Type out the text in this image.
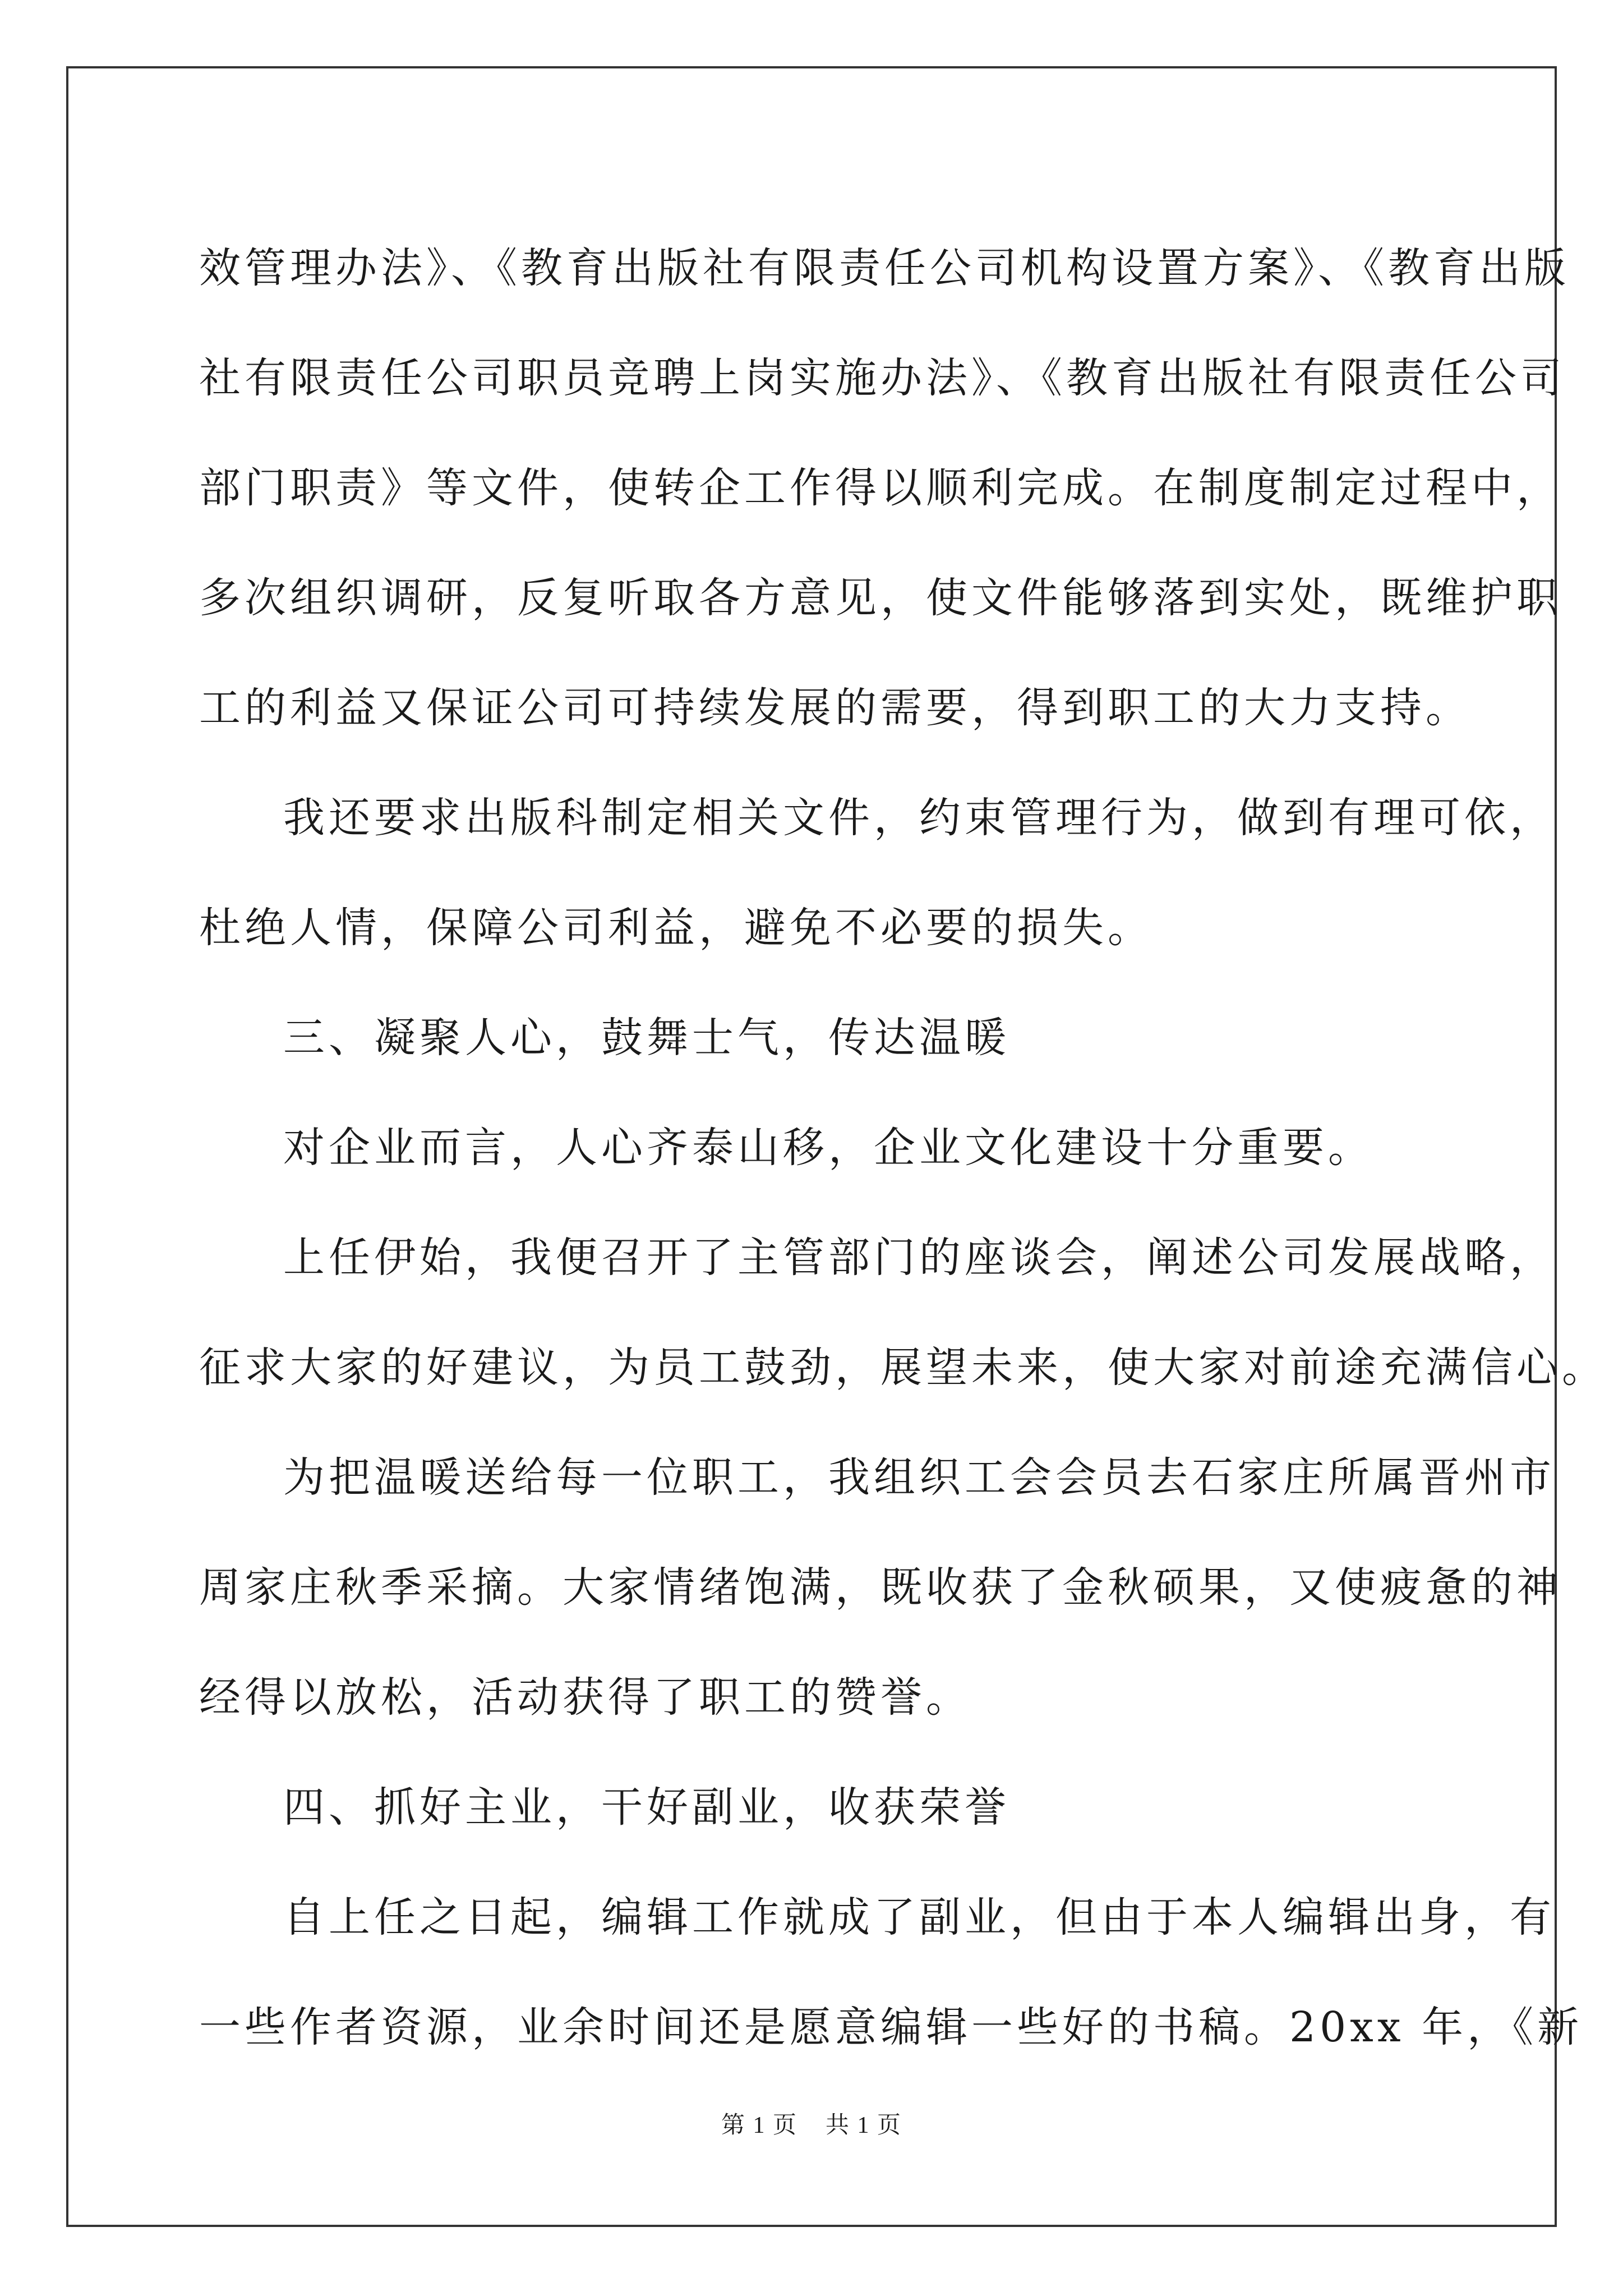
效管理办法》、《教育出版社有限责任公司机构设置方案》、《教育出版
社有限责任公司职员竞聘上岗实施办法》、《教育出版社有限责任公司
部门职责》等文件，使转企工作得以顺利完成。在制度制定过程中，
多次组织调研，反复听取各方意见，使文件能够落到实处，既维护职
工的利益又保证公司可持续发展的需要，得到职工的大力支持。
我还要求出版科制定相关文件，约束管理行为，做到有理可依，
杜绝人情，保障公司利益，避免不必要的损失。
三、凝聚人心，鼓舞士气，传达温暖
对企业而言，人心齐泰山移，企业文化建设十分重要。
上任伊始，我便召开了主管部门的座谈会，阐述公司发展战略，
征求大家的好建议，为员工鼓劲，展望未来，使大家对前途充满信心。
为把温暖送给每一位职工，我组织工会会员去石家庄所属晋州市
周家庄秋季采摘。大家情绪饱满，既收获了金秋硕果，又使疲惫的神
经得以放松，活动获得了职工的赞誉。
四、抓好主业，干好副业，收获荣誉
自上任之日起，编辑工作就成了副业，但由于本人编辑出身，有
一些作者资源，业余时间还是愿意编辑一些好的书稿。20xx 年，《新
第 1 页 共 1 页
